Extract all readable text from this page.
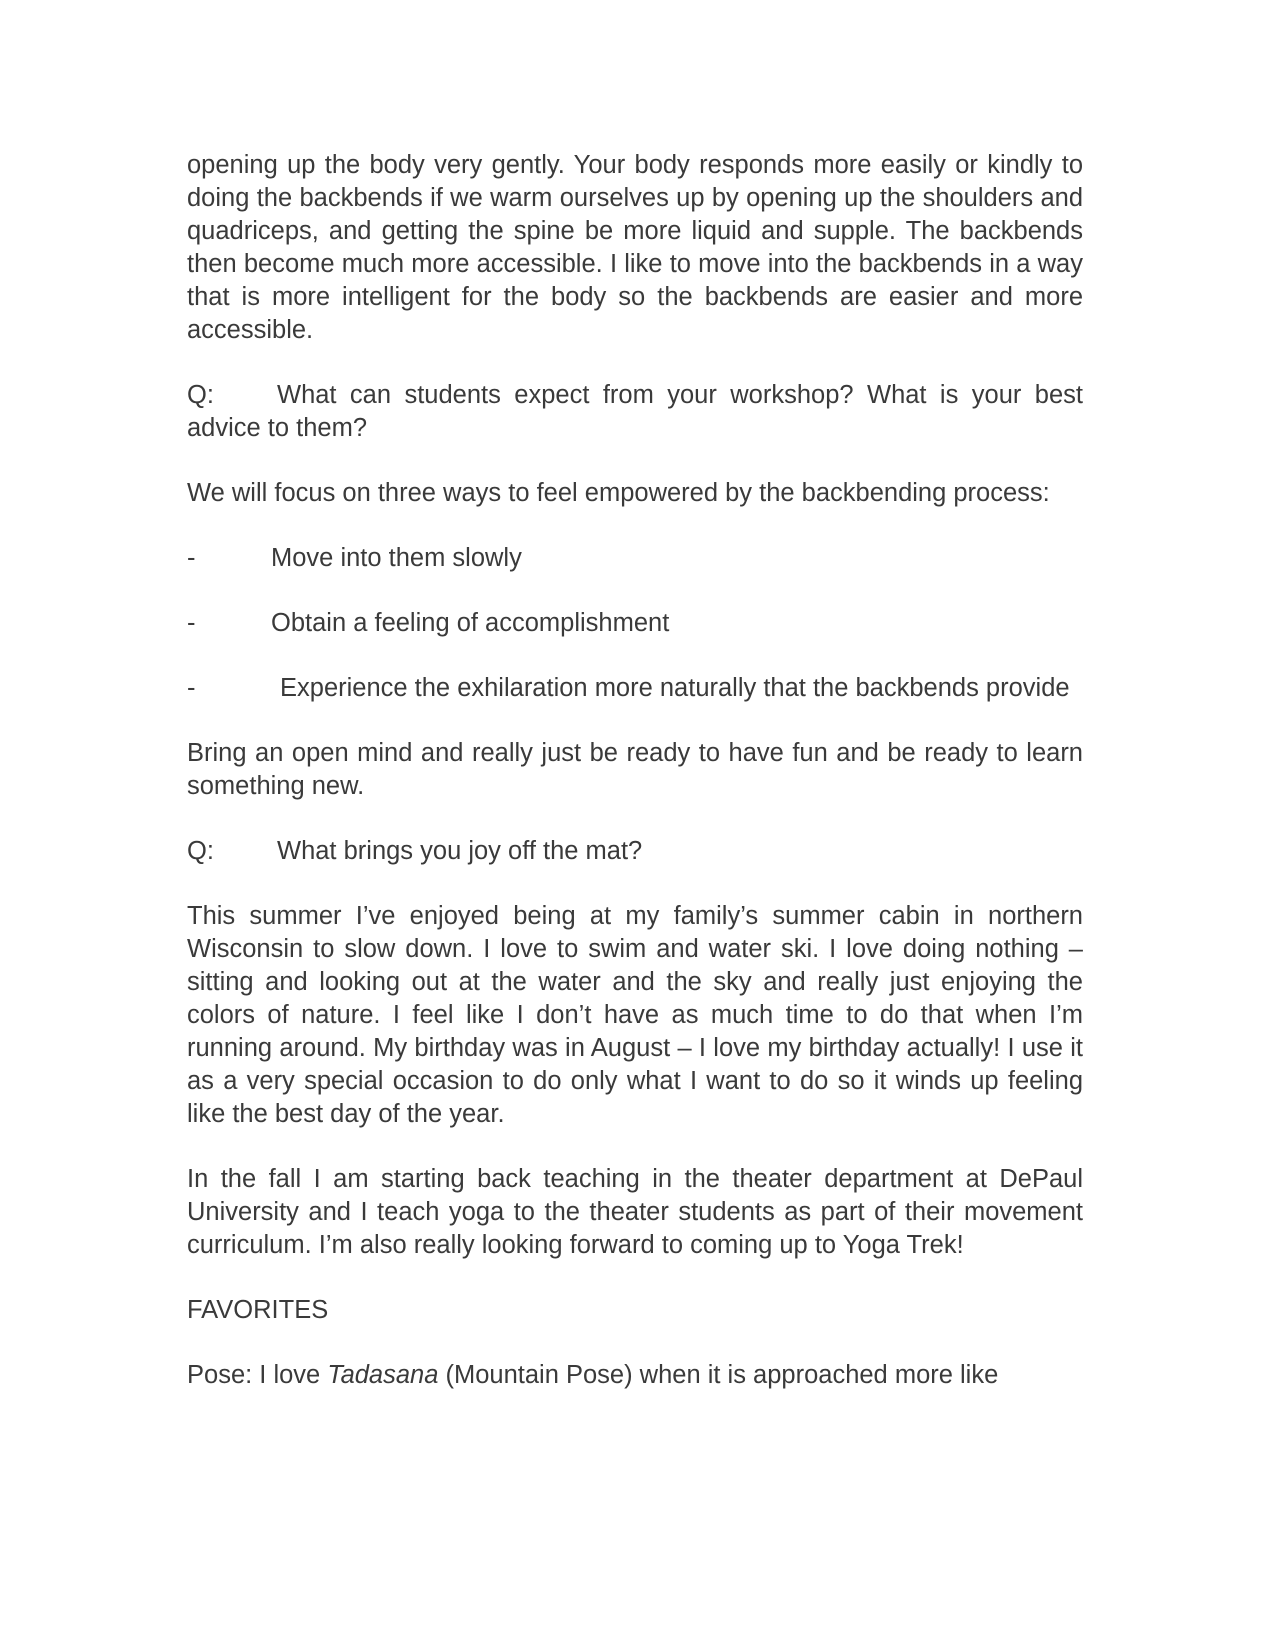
opening up the body very gently. Your body responds more easily or kindly to doing the backbends if we warm ourselves up by opening up the shoulders and quadriceps, and getting the spine be more liquid and supple. The backbends then become much more accessible. I like to move into the backbends in a way that is more intelligent for the body so the backbends are easier and more accessible.

Q: What can students expect from your workshop? What is your best advice to them?

We will focus on three ways to feel empowered by the backbending process:

-	Move into them slowly

-	Obtain a feeling of accomplishment

-	Experience the exhilaration more naturally that the backbends provide

Bring an open mind and really just be ready to have fun and be ready to learn something new.

Q: What brings you joy off the mat?

This summer I’ve enjoyed being at my family’s summer cabin in northern Wisconsin to slow down. I love to swim and water ski. I love doing nothing – sitting and looking out at the water and the sky and really just enjoying the colors of nature. I feel like I don’t have as much time to do that when I’m running around. My birthday was in August – I love my birthday actually! I use it as a very special occasion to do only what I want to do so it winds up feeling like the best day of the year.

In the fall I am starting back teaching in the theater department at DePaul University and I teach yoga to the theater students as part of their movement curriculum. I’m also really looking forward to coming up to Yoga Trek!

FAVORITES

Pose: I love Tadasana (Mountain Pose) when it is approached more like
